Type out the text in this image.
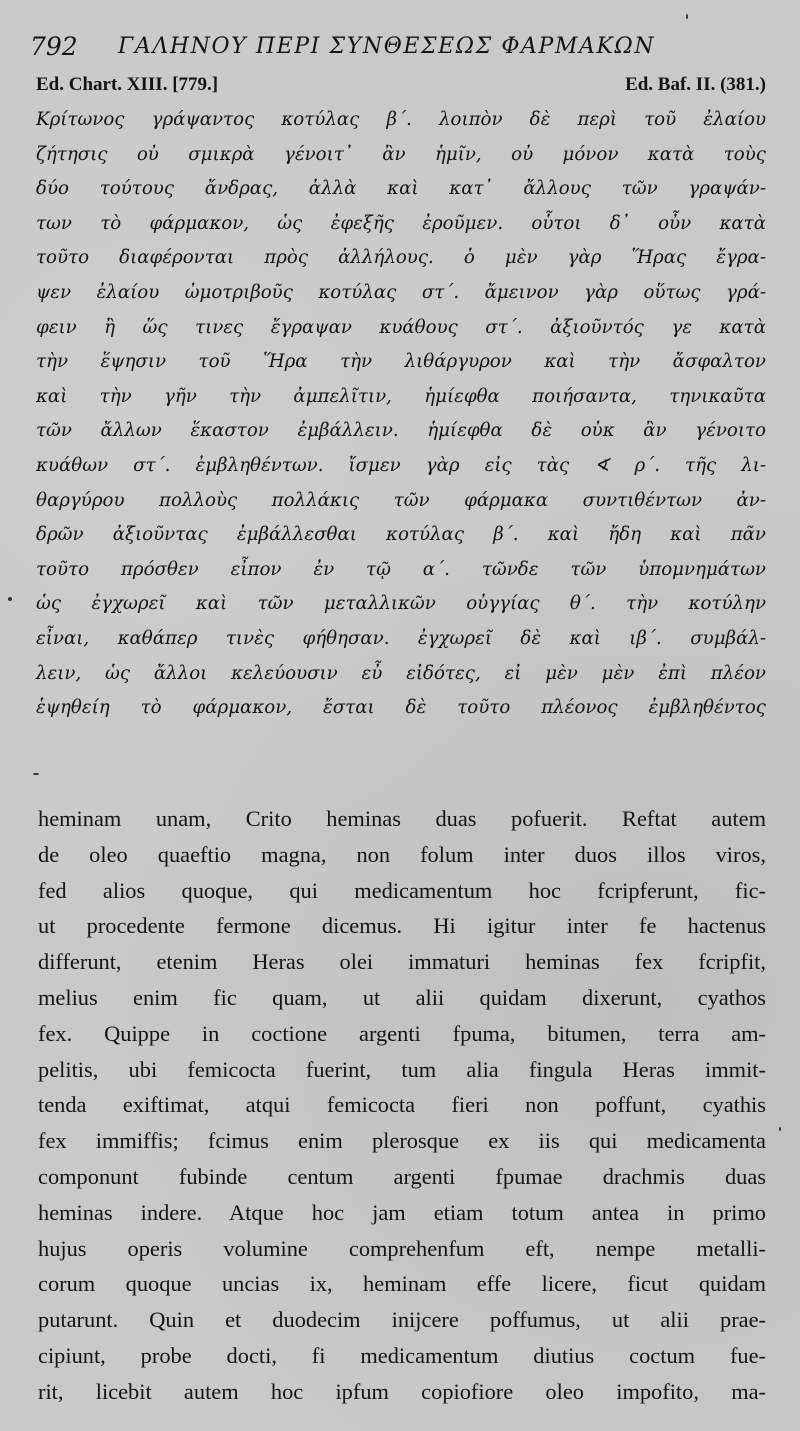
792 ΓΑΛΗΝΟΥ ΠΕΡΙ ΣΥΝΘΕΣΕΩΣ ΦΑΡΜΑΚΩΝ
Ed. Chart. XIII. [779.]	Ed. Baf. II. (381.)
Κρίτωνος γράψαντος κοτύλας β΄. λοιπὸν δὲ περὶ τοῦ ἐλαίου
ζήτησις οὐ σμικρὰ γένοιτ᾽ ἂν ἡμῖν, οὐ μόνον κατὰ τοὺς
δύο τούτους ἄνδρας, ἀλλὰ καὶ κατ᾽ ἄλλους τῶν γραψάν-
των τὸ φάρμακον, ὡς ἐφεξῆς ἐροῦμεν. οὗτοι δ᾽ οὖν κατὰ
τοῦτο διαφέρονται πρὸς ἀλλήλους. ὁ μὲν γὰρ Ἥρας ἔγρα-
ψεν ἐλαίου ὠμοτριβοῦς κοτύλας στ΄. ἄμεινον γὰρ οὕτως γρά-
φειν ἢ ὥς τινες ἔγραψαν κυάθους στ΄. ἀξιοῦντός γε κατὰ
τὴν ἕψησιν τοῦ Ἥρα τὴν λιθάργυρον καὶ τὴν ἄσφαλτον
καὶ τὴν γῆν τὴν ἀμπελῖτιν, ἡμίεφθα ποιήσαντα, τηνικαῦτα
τῶν ἄλλων ἕκαστον ἐμβάλλειν. ἡμίεφθα δὲ οὐκ ἂν γένοιτο
κυάθων στ΄. ἐμβληθέντων. ἴσμεν γὰρ εἰς τὰς ∢ ρ΄. τῆς λι-
θαργύρου πολλοὺς πολλάκις τῶν φάρμακα συντιθέντων ἀν-
δρῶν ἀξιοῦντας ἐμβάλλεσθαι κοτύλας β΄. καὶ ἤδη καὶ πᾶν
τοῦτο πρόσθεν εἶπον ἐν τῷ α΄. τῶνδε τῶν ὑπομνημάτων
ὡς ἐγχωρεῖ καὶ τῶν μεταλλικῶν οὐγγίας θ΄. τὴν κοτύλην
εἶναι, καθάπερ τινὲς φήθησαν. ἐγχωρεῖ δὲ καὶ ιβ΄. συμβάλ-
λειν, ὡς ἄλλοι κελεύουσιν εὖ εἰδότες, εἰ μὲν μὲν ἐπὶ πλέον
ἑψηθείη τὸ φάρμακον, ἔσται δὲ τοῦτο πλέονος ἐμβληθέντος
heminam unam, Crito heminas duas pofuerit. Reftat autem
de oleo quaeftio magna, non folum inter duos illos viros,
fed alios quoque, qui medicamentum hoc fcripferunt, fic-
ut procedente fermone dicemus. Hi igitur inter fe hactenus
differunt, etenim Heras olei immaturi heminas fex fcripfit,
melius enim fic quam, ut alii quidam dixerunt, cyathos
fex. Quippe in coctione argenti fpuma, bitumen, terra am-
pelitis, ubi femicocta fuerint, tum alia fingula Heras immit-
tenda exiftimat, atqui femicocta fieri non poffunt, cyathis
fex immiffis; fcimus enim plerosque ex iis qui medicamenta
componunt fubinde centum argenti fpumae drachmis duas
heminas indere. Atque hoc jam etiam totum antea in primo
hujus operis volumine comprehenfum eft, nempe metalli-
corum quoque uncias ix, heminam effe licere, ficut quidam
putarunt. Quin et duodecim inijcere poffumus, ut alii prae-
cipiunt, probe docti, fi medicamentum diutius coctum fue-
rit, licebit autem hoc ipfum copiofiore oleo impofito, ma-
